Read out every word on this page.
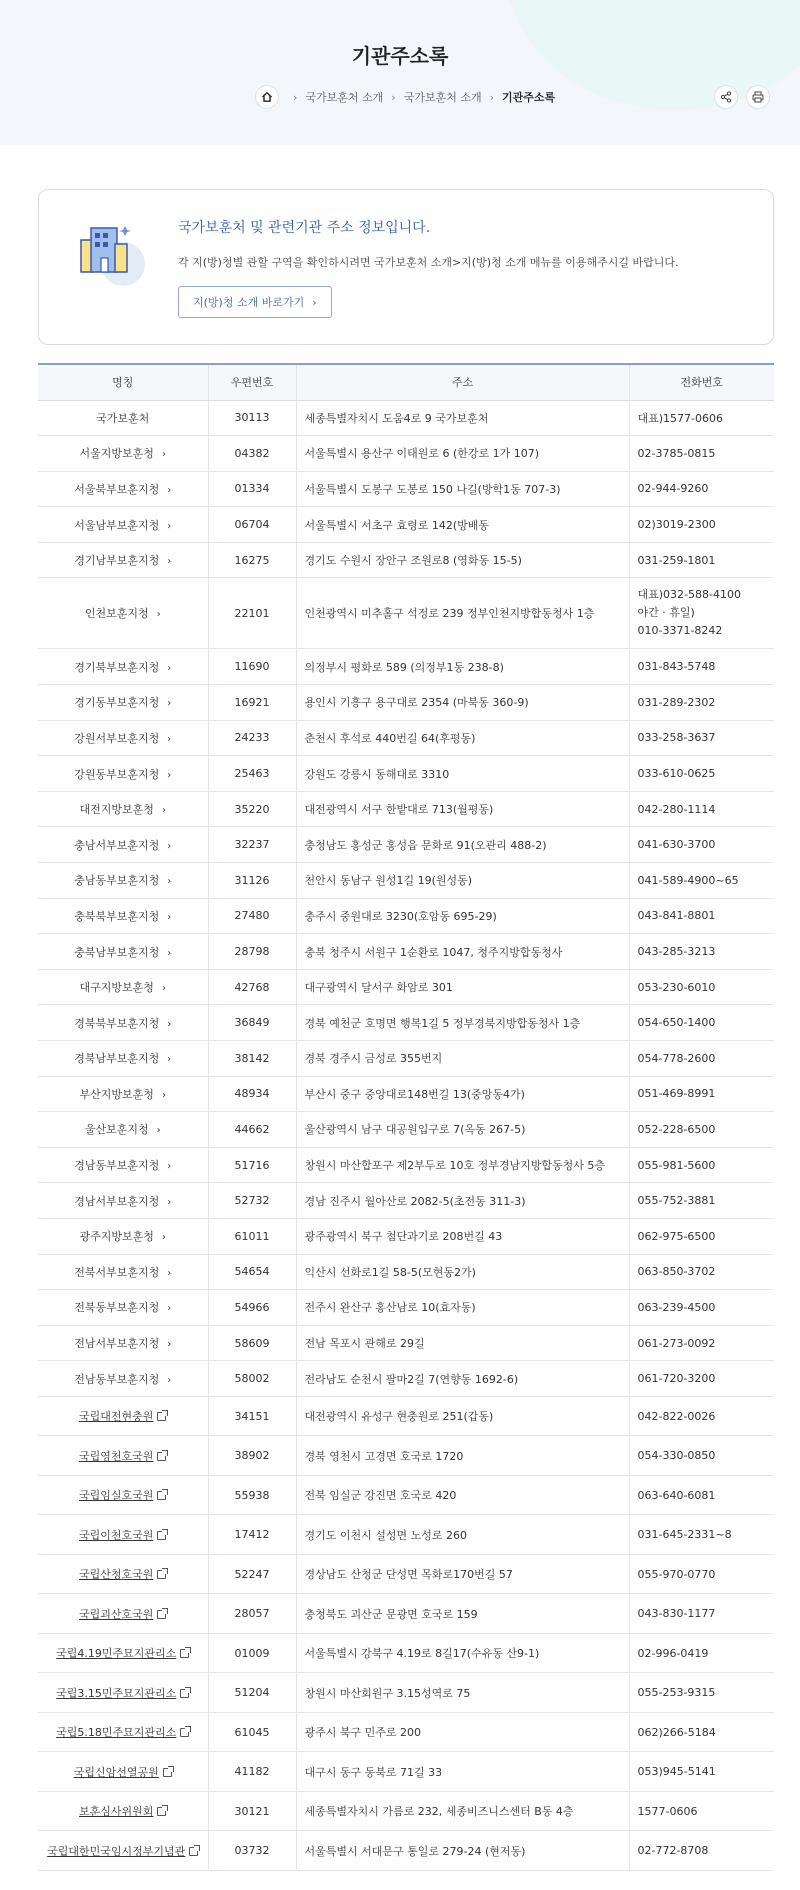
기관주소록
› 국가보훈처 소개 › 국가보훈처 소개 › 기관주소록
국가보훈처 및 관련기관 주소 정보입니다.
각 지(방)청별 관할 구역을 확인하시려면 국가보훈처 소개>지(방)청 소개 메뉴를 이용해주시길 바랍니다.
지(방)청 소개 바로가기 ›
명칭	우편번호	주소	전화번호
국가보훈처	30113	세종특별자치시 도움4로 9 국가보훈처	대표)1577-0606
서울지방보훈청 ›	04382	서울특별시 용산구 이태원로 6 (한강로 1가 107)	02-3785-0815
서울북부보훈지청 ›	01334	서울특별시 도봉구 도봉로 150 나길(방학1동 707-3)	02-944-9260
서울남부보훈지청 ›	06704	서울특별시 서초구 효령로 142(방배동	02)3019-2300
경기남부보훈지청 ›	16275	경기도 수원시 장안구 조원로8 (영화동 15-5)	031-259-1801
인천보훈지청 ›	22101	인천광역시 미추홀구 석정로 239 정부인천지방합동청사 1층	대표)032-588-4100
야간 · 휴일)
010-3371-8242

경기북부보훈지청 ›	11690	의정부시 평화로 589 (의정부1동 238-8)	031-843-5748
경기동부보훈지청 ›	16921	용인시 기흥구 용구대로 2354 (마북동 360-9)	031-289-2302
강원서부보훈지청 ›	24233	춘천시 후석로 440번길 64(후평동)	033-258-3637
강원동부보훈지청 ›	25463	강원도 강릉시 동해대로 3310	033-610-0625
대전지방보훈청 ›	35220	대전광역시 서구 한밭대로 713(월평동)	042-280-1114
충남서부보훈지청 ›	32237	충청남도 홍성군 홍성읍 문화로 91(오관리 488-2)	041-630-3700
충남동부보훈지청 ›	31126	천안시 동남구 원성1길 19(원성동)	041-589-4900~65
충북북부보훈지청 ›	27480	충주시 중원대로 3230(호암동 695-29)	043-841-8801
충북남부보훈지청 ›	28798	충북 청주시 서원구 1순환로 1047, 청주지방합동청사	043-285-3213
대구지방보훈청 ›	42768	대구광역시 달서구 화암로 301	053-230-6010
경북북부보훈지청 ›	36849	경북 예천군 호명면 행복1길 5 정부경북지방합동청사 1층	054-650-1400
경북남부보훈지청 ›	38142	경북 경주시 금성로 355번지	054-778-2600
부산지방보훈청 ›	48934	부산시 중구 중앙대로148번길 13(중앙동4가)	051-469-8991
울산보훈지청 ›	44662	울산광역시 남구 대공원입구로 7(옥동 267-5)	052-228-6500
경남동부보훈지청 ›	51716	창원시 마산합포구 제2부두로 10호 정부경남지방합동청사 5층	055-981-5600
경남서부보훈지청 ›	52732	경남 진주시 월아산로 2082-5(초전동 311-3)	055-752-3881
광주지방보훈청 ›	61011	광주광역시 북구 첨단과기로 208번길 43	062-975-6500
전북서부보훈지청 ›	54654	익산시 선화로1길 58-5(모현동2가)	063-850-3702
전북동부보훈지청 ›	54966	전주시 완산구 홍산남로 10(효자동)	063-239-4500
전남서부보훈지청 ›	58609	전남 목포시 관해로 29길	061-273-0092
전남동부보훈지청 ›	58002	전라남도 순천시 팔마2길 7(연향동 1692-6)	061-720-3200
국립대전현충원	34151	대전광역시 유성구 현충원로 251(갑동)	042-822-0026
국립영천호국원	38902	경북 영천시 고경면 호국로 1720	054-330-0850
국립임실호국원	55938	전북 임실군 강진면 호국로 420	063-640-6081
국립이천호국원	17412	경기도 이천시 설성면 노성로 260	031-645-2331~8
국립산청호국원	52247	경상남도 산청군 단성면 목화로170번길 57	055-970-0770
국립괴산호국원	28057	충청북도 괴산군 문광면 호국로 159	043-830-1177
국립4.19민주묘지관리소	01009	서울특별시 강북구 4.19로 8길17(수유동 산9-1)	02-996-0419
국립3.15민주묘지관리소	51204	창원시 마산회원구 3.15성역로 75	055-253-9315
국립5.18민주묘지관리소	61045	광주시 북구 민주로 200	062)266-5184
국립신암선열공원	41182	대구시 동구 동북로 71길 33	053)945-5141
보훈심사위원회	30121	세종특별자치시 가름로 232, 세종비즈니스센터 B동 4층	1577-0606
국립대한민국임시정부기념관	03732	서울특별시 서대문구 통일로 279-24 (현저동)	02-772-8708
